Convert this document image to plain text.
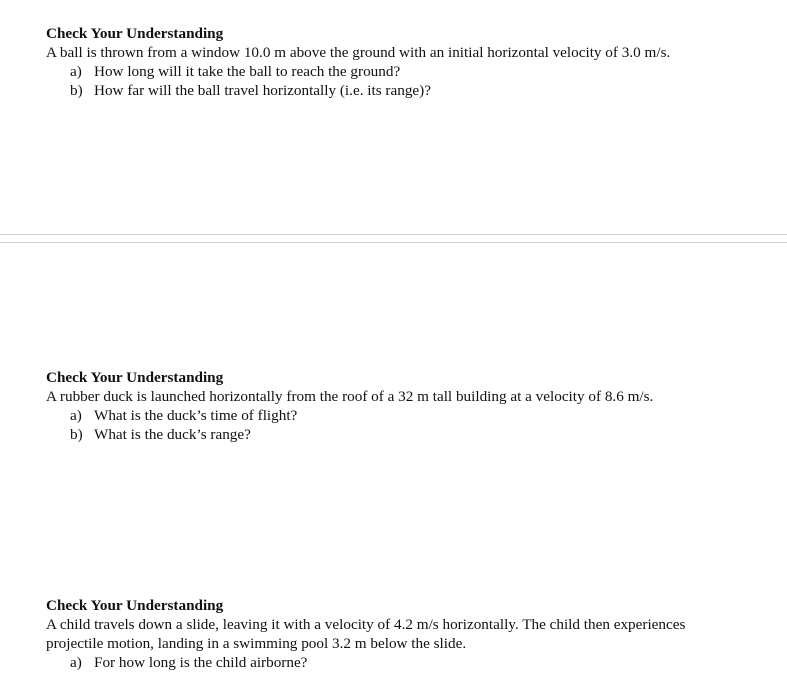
Check Your Understanding
A ball is thrown from a window 10.0 m above the ground with an initial horizontal velocity of 3.0 m/s.
a) How long will it take the ball to reach the ground?
b) How far will the ball travel horizontally (i.e. its range)?
Check Your Understanding
A rubber duck is launched horizontally from the roof of a 32 m tall building at a velocity of 8.6 m/s.
a) What is the duck’s time of flight?
b) What is the duck’s range?
Check Your Understanding
A child travels down a slide, leaving it with a velocity of 4.2 m/s horizontally. The child then experiences projectile motion, landing in a swimming pool 3.2 m below the slide.
a) For how long is the child airborne?
